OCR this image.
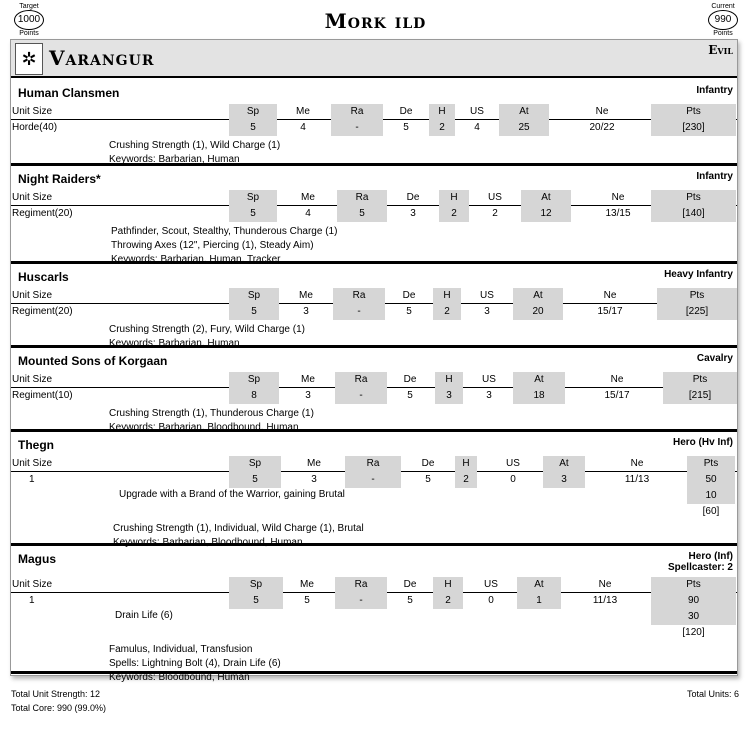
Target
1000
Points
Mork ild
Current
990
Points
✲ Varangur	Evil
Human Clansmen	Infantry
Unit Size	Sp	Me	Ra	De	H	US	At	Ne	Pts
Horde(40)	5	4	-	5	2	4	25	20/22	[230]
Crushing Strength (1), Wild Charge (1)
Keywords: Barbarian, Human
Night Raiders*	Infantry
Unit Size	Sp	Me	Ra	De	H	US	At	Ne	Pts
Regiment(20)	5	4	5	3	2	2	12	13/15	[140]
Pathfinder, Scout, Stealthy, Thunderous Charge (1)
Throwing Axes (12", Piercing (1), Steady Aim)
Keywords: Barbarian, Human, Tracker
Huscarls	Heavy Infantry
Unit Size	Sp	Me	Ra	De	H	US	At	Ne	Pts
Regiment(20)	5	3	-	5	2	3	20	15/17	[225]
Crushing Strength (2), Fury, Wild Charge (1)
Keywords: Barbarian, Human
Mounted Sons of Korgaan	Cavalry
Unit Size	Sp	Me	Ra	De	H	US	At	Ne	Pts
Regiment(10)	8	3	-	5	3	3	18	15/17	[215]
Crushing Strength (1), Thunderous Charge (1)
Keywords: Barbarian, Bloodbound, Human
Thegn	Hero (Hv Inf)
Unit Size	Sp	Me	Ra	De	H	US	At	Ne	Pts
1	5	3	-	5	2	0	3	11/13	50
Upgrade with a Brand of the Warrior, gaining Brutal	10
[60]
Crushing Strength (1), Individual, Wild Charge (1), Brutal
Keywords: Barbarian, Bloodbound, Human
Magus	Hero (Inf)
Spellcaster: 2
Unit Size	Sp	Me	Ra	De	H	US	At	Ne	Pts
1	5	5	-	5	2	0	1	11/13	90
Drain Life (6)	30
[120]
Famulus, Individual, Transfusion
Spells: Lightning Bolt (4), Drain Life (6)
Keywords: Bloodbound, Human
Total Unit Strength: 12
Total Core: 990 (99.0%)
Total Units: 6
